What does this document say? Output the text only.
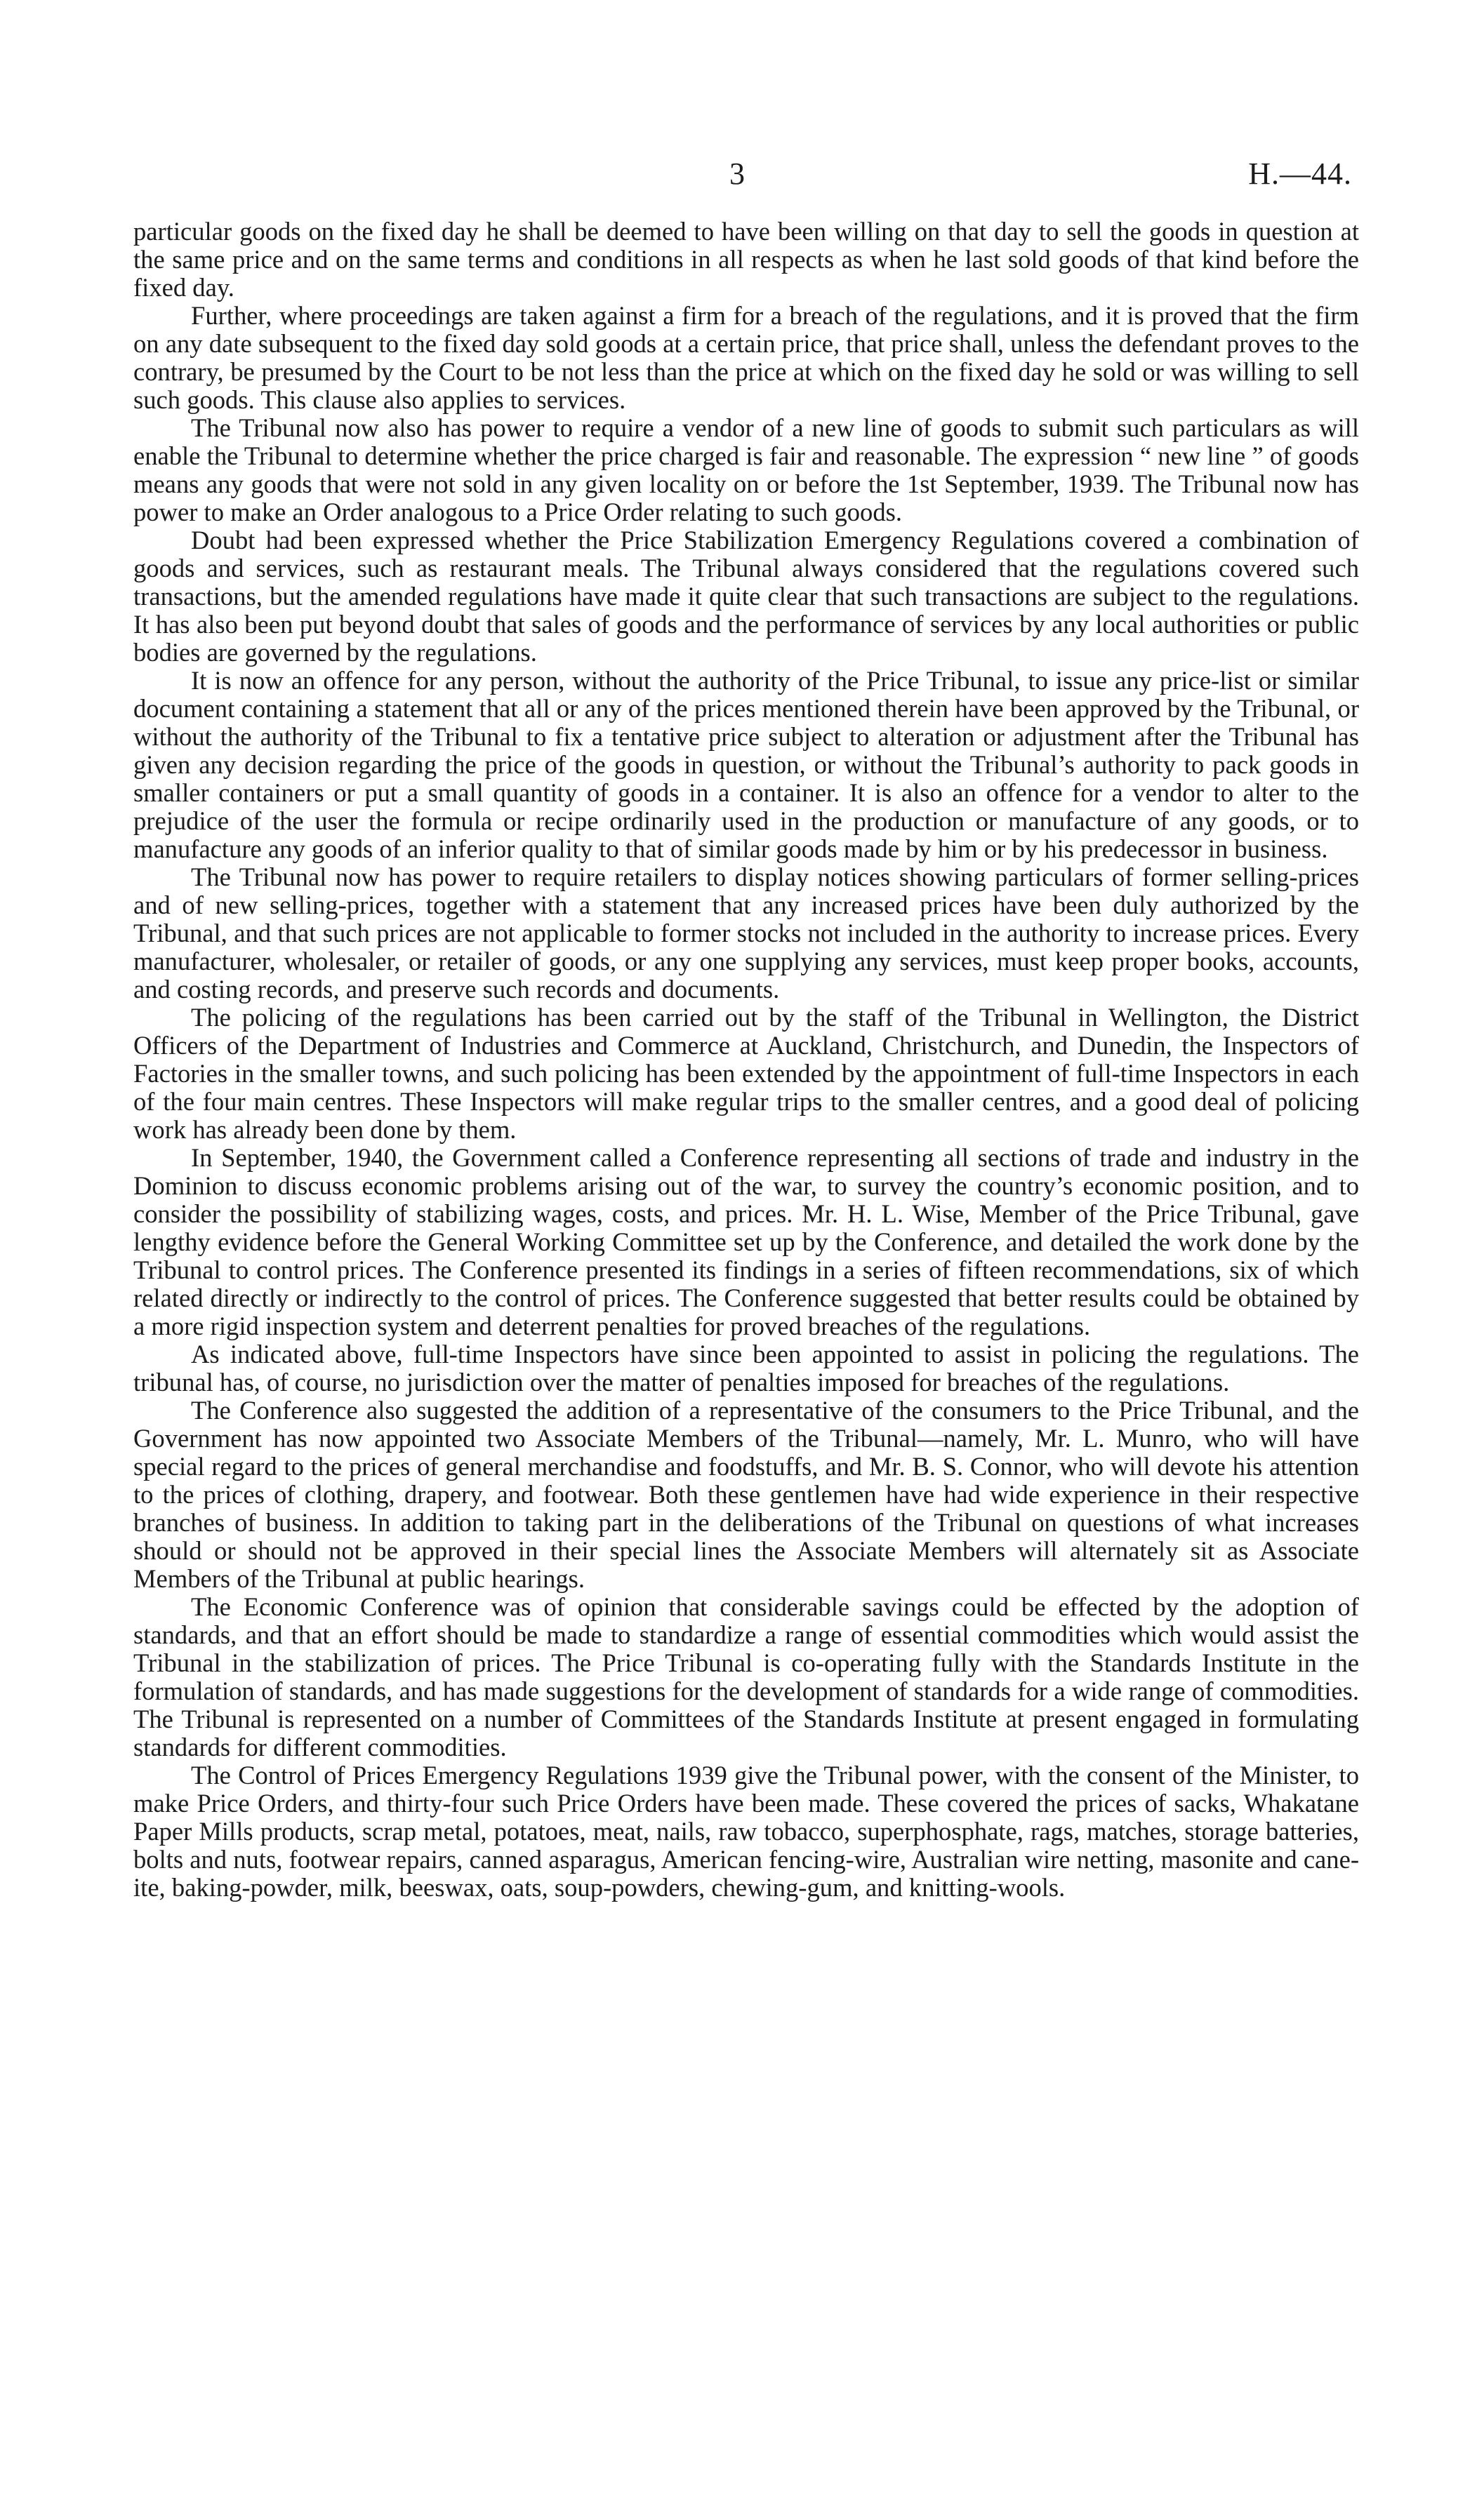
3	H.—44.

particular goods on the fixed day he shall be deemed to have been willing on that day to sell the goods in question at the same price and on the same terms and conditions in all respects as when he last sold goods of that kind before the fixed day.

Further, where proceedings are taken against a firm for a breach of the regulations, and it is proved that the firm on any date subsequent to the fixed day sold goods at a certain price, that price shall, unless the defendant proves to the contrary, be presumed by the Court to be not less than the price at which on the fixed day he sold or was willing to sell such goods. This clause also applies to services.

The Tribunal now also has power to require a vendor of a new line of goods to submit such particulars as will enable the Tribunal to determine whether the price charged is fair and reasonable. The expression “ new line ” of goods means any goods that were not sold in any given locality on or before the 1st September, 1939. The Tribunal now has power to make an Order analogous to a Price Order relating to such goods.

Doubt had been expressed whether the Price Stabilization Emergency Regulations covered a combination of goods and services, such as restaurant meals. The Tribunal always considered that the regulations covered such transactions, but the amended regulations have made it quite clear that such transactions are subject to the regulations. It has also been put beyond doubt that sales of goods and the performance of services by any local authorities or public bodies are governed by the regulations.

It is now an offence for any person, without the authority of the Price Tribunal, to issue any price-list or similar document containing a statement that all or any of the prices mentioned therein have been approved by the Tribunal, or without the authority of the Tribunal to fix a tentative price subject to alteration or adjustment after the Tribunal has given any decision regarding the price of the goods in question, or without the Tribunal’s authority to pack goods in smaller containers or put a small quantity of goods in a container. It is also an offence for a vendor to alter to the prejudice of the user the formula or recipe ordinarily used in the production or manufacture of any goods, or to manufacture any goods of an inferior quality to that of similar goods made by him or by his predecessor in business.

The Tribunal now has power to require retailers to display notices showing particulars of former selling-prices and of new selling-prices, together with a statement that any increased prices have been duly authorized by the Tribunal, and that such prices are not applicable to former stocks not included in the authority to increase prices. Every manufacturer, wholesaler, or retailer of goods, or any one supplying any services, must keep proper books, accounts, and costing records, and preserve such records and documents.

The policing of the regulations has been carried out by the staff of the Tribunal in Wellington, the District Officers of the Department of Industries and Commerce at Auckland, Christchurch, and Dunedin, the Inspectors of Factories in the smaller towns, and such policing has been extended by the appointment of full-time Inspectors in each of the four main centres. These Inspectors will make regular trips to the smaller centres, and a good deal of policing work has already been done by them.

In September, 1940, the Government called a Conference representing all sections of trade and industry in the Dominion to discuss economic problems arising out of the war, to survey the country’s economic position, and to consider the possibility of stabilizing wages, costs, and prices. Mr. H. L. Wise, Member of the Price Tribunal, gave lengthy evidence before the General Working Committee set up by the Conference, and detailed the work done by the Tribunal to control prices. The Conference presented its findings in a series of fifteen recommendations, six of which related directly or indirectly to the control of prices. The Conference suggested that better results could be obtained by a more rigid inspection system and deterrent penalties for proved breaches of the regulations.

As indicated above, full-time Inspectors have since been appointed to assist in policing the regulations. The tribunal has, of course, no jurisdiction over the matter of penalties imposed for breaches of the regulations.

The Conference also suggested the addition of a representative of the consumers to the Price Tribunal, and the Government has now appointed two Associate Members of the Tribunal—namely, Mr. L. Munro, who will have special regard to the prices of general merchandise and foodstuffs, and Mr. B. S. Connor, who will devote his attention to the prices of clothing, drapery, and footwear. Both these gentlemen have had wide experience in their respective branches of business. In addition to taking part in the deliberations of the Tribunal on questions of what increases should or should not be approved in their special lines the Associate Members will alternately sit as Associate Members of the Tribunal at public hearings.

The Economic Conference was of opinion that considerable savings could be effected by the adoption of standards, and that an effort should be made to standardize a range of essential commodities which would assist the Tribunal in the stabilization of prices. The Price Tribunal is co-operating fully with the Standards Institute in the formulation of standards, and has made suggestions for the development of standards for a wide range of commodities. The Tribunal is represented on a number of Committees of the Standards Institute at present engaged in formulating standards for different commodities.

The Control of Prices Emergency Regulations 1939 give the Tribunal power, with the consent of the Minister, to make Price Orders, and thirty-four such Price Orders have been made. These covered the prices of sacks, Whakatane Paper Mills products, scrap metal, potatoes, meat, nails, raw tobacco, superphosphate, rags, matches, storage batteries, bolts and nuts, footwear repairs, canned asparagus, American fencing-wire, Australian wire netting, masonite and cane-ite, baking-powder, milk, beeswax, oats, soup-powders, chewing-gum, and knitting-wools.
